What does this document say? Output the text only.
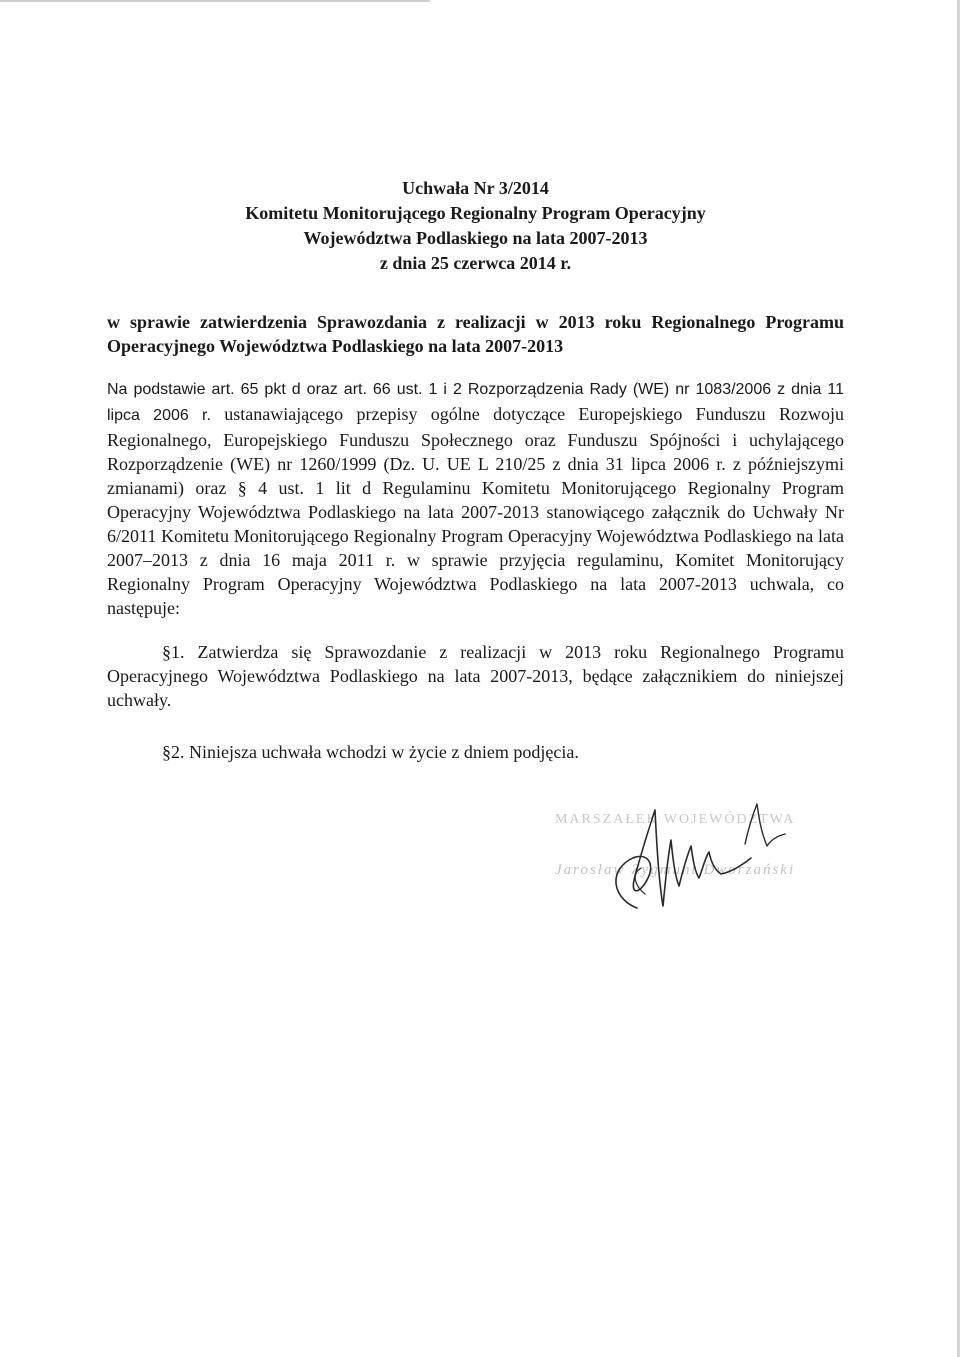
Uchwała Nr 3/2014
Komitetu Monitorującego Regionalny Program Operacyjny
Województwa Podlaskiego na lata 2007-2013
z dnia 25 czerwca 2014 r.

w sprawie zatwierdzenia Sprawozdania z realizacji w 2013 roku Regionalnego Programu Operacyjnego Województwa Podlaskiego na lata 2007-2013

Na podstawie art. 65 pkt d oraz art. 66 ust. 1 i 2 Rozporządzenia Rady (WE) nr 1083/2006 z dnia 11 lipca 2006 r. ustanawiającego przepisy ogólne dotyczące Europejskiego Funduszu Rozwoju Regionalnego, Europejskiego Funduszu Społecznego oraz Funduszu Spójności i uchylającego Rozporządzenie (WE) nr 1260/1999 (Dz. U. UE L 210/25 z dnia 31 lipca 2006 r. z późniejszymi zmianami) oraz § 4 ust. 1 lit d Regulaminu Komitetu Monitorującego Regionalny Program Operacyjny Województwa Podlaskiego na lata 2007-2013 stanowiącego załącznik do Uchwały Nr 6/2011 Komitetu Monitorującego Regionalny Program Operacyjny Województwa Podlaskiego na lata 2007–2013 z dnia 16 maja 2011 r. w sprawie przyjęcia regulaminu, Komitet Monitorujący Regionalny Program Operacyjny Województwa Podlaskiego na lata 2007-2013 uchwala, co następuje:

§1. Zatwierdza się Sprawozdanie z realizacji w 2013 roku Regionalnego Programu Operacyjnego Województwa Podlaskiego na lata 2007-2013, będące załącznikiem do niniejszej uchwały.

§2. Niniejsza uchwała wchodzi w życie z dniem podjęcia.

MARSZAŁEK WOJEWÓDZTWA
Jarosław Zygmunt Dworzański
